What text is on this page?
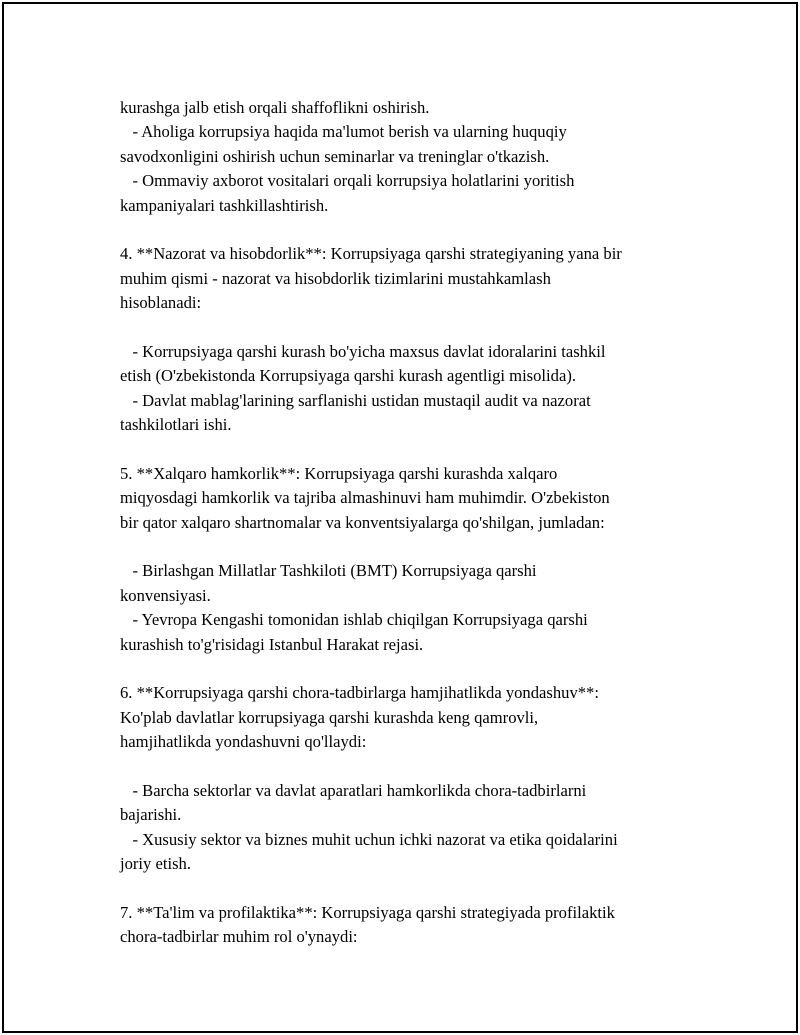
kurashga jalb etish orqali shaffoflikni oshirish.
- Aholiga korrupsiya haqida ma'lumot berish va ularning huquqiy
savodxonligini oshirish uchun seminarlar va treninglar o'tkazish.
- Ommaviy axborot vositalari orqali korrupsiya holatlarini yoritish
kampaniyalari tashkillashtirish.
4. **Nazorat va hisobdorlik**: Korrupsiyaga qarshi strategiyaning yana bir
muhim qismi - nazorat va hisobdorlik tizimlarini mustahkamlash
hisoblanadi:
- Korrupsiyaga qarshi kurash bo'yicha maxsus davlat idoralarini tashkil
etish (O'zbekistonda Korrupsiyaga qarshi kurash agentligi misolida).
- Davlat mablag'larining sarflanishi ustidan mustaqil audit va nazorat
tashkilotlari ishi.
5. **Xalqaro hamkorlik**: Korrupsiyaga qarshi kurashda xalqaro
miqyosdagi hamkorlik va tajriba almashinuvi ham muhimdir. O'zbekiston
bir qator xalqaro shartnomalar va konventsiyalarga qo'shilgan, jumladan:
- Birlashgan Millatlar Tashkiloti (BMT) Korrupsiyaga qarshi
konvensiyasi.
- Yevropa Kengashi tomonidan ishlab chiqilgan Korrupsiyaga qarshi
kurashish to'g'risidagi Istanbul Harakat rejasi.
6. **Korrupsiyaga qarshi chora-tadbirlarga hamjihatlikda yondashuv**:
Ko'plab davlatlar korrupsiyaga qarshi kurashda keng qamrovli,
hamjihatlikda yondashuvni qo'llaydi:
- Barcha sektorlar va davlat aparatlari hamkorlikda chora-tadbirlarni
bajarishi.
- Xususiy sektor va biznes muhit uchun ichki nazorat va etika qoidalarini
joriy etish.
7. **Ta'lim va profilaktika**: Korrupsiyaga qarshi strategiyada profilaktik
chora-tadbirlar muhim rol o'ynaydi:
